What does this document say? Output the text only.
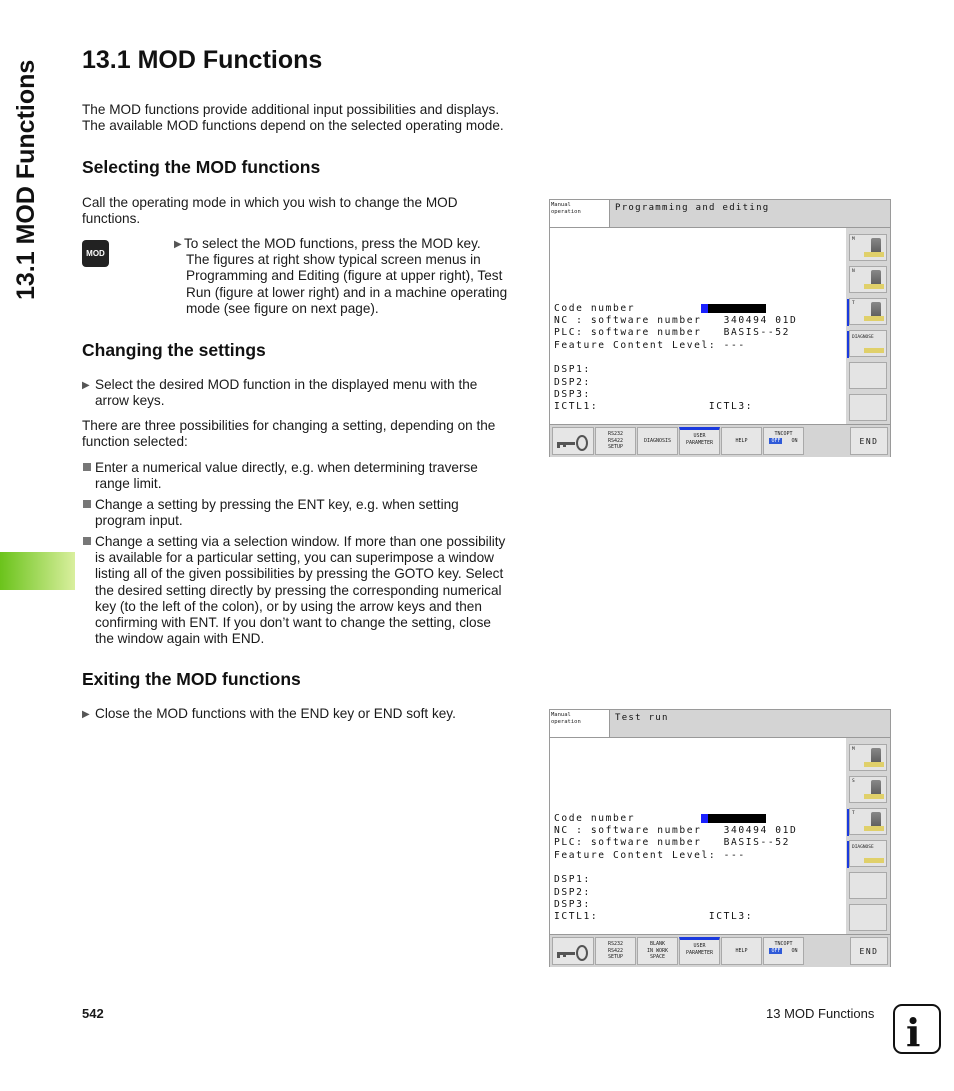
13.1 MOD Functions	13.1 MOD Functions
The MOD functions provide additional input possibilities and displays.
The available MOD functions depend on the selected operating mode.
Selecting the MOD functions
Call the operating mode in which you wish to change the MOD
functions.
MOD
▶ To select the MOD functions, press the MOD key.
The figures at right show typical screen menus in
Programming and Editing (figure at upper right), Test
Run (figure at lower right) and in a machine operating
mode (see figure on next page).
Changing the settings
▶ Select the desired MOD function in the displayed menu with the
arrow keys.
There are three possibilities for changing a setting, depending on the
function selected:
Enter a numerical value directly, e.g. when determining traverse
range limit.
Change a setting by pressing the ENT key, e.g. when setting
program input.
Change a setting via a selection window. If more than one possibility
is available for a particular setting, you can superimpose a window
listing all of the given possibilities by pressing the GOTO key. Select
the desired setting directly by pressing the corresponding numerical
key (to the left of the colon), or by using the arrow keys and then
confirming with ENT. If you don’t want to change the setting, close
the window again with END.
Exiting the MOD functions
▶ Close the MOD functions with the END key or END soft key.
Manual
operation	Programming and editing
Code number
NC : software number   340494 01D
PLC: software number   BASIS--52
Feature Content Level: ---
DSP1:
DSP2:
DSP3:
ICTL1:               ICTL3:
M
N
T
DIAGNOSE
RS232
RS422
SETUP
DIAGNOSIS
USER
PARAMETER	HELP
TNCOPT
OFF ON	END
Manual
operation	Test run
Code number
NC : software number   340494 01D
PLC: software number   BASIS--52
Feature Content Level: ---
DSP1:
DSP2:
DSP3:
ICTL1:               ICTL3:
M
S
T
DIAGNOSE
RS232
RS422
SETUP
BLANK
IN WORK
SPACE
USER
PARAMETER	HELP
TNCOPT
OFF ON	END
542	13 MOD Functions i
